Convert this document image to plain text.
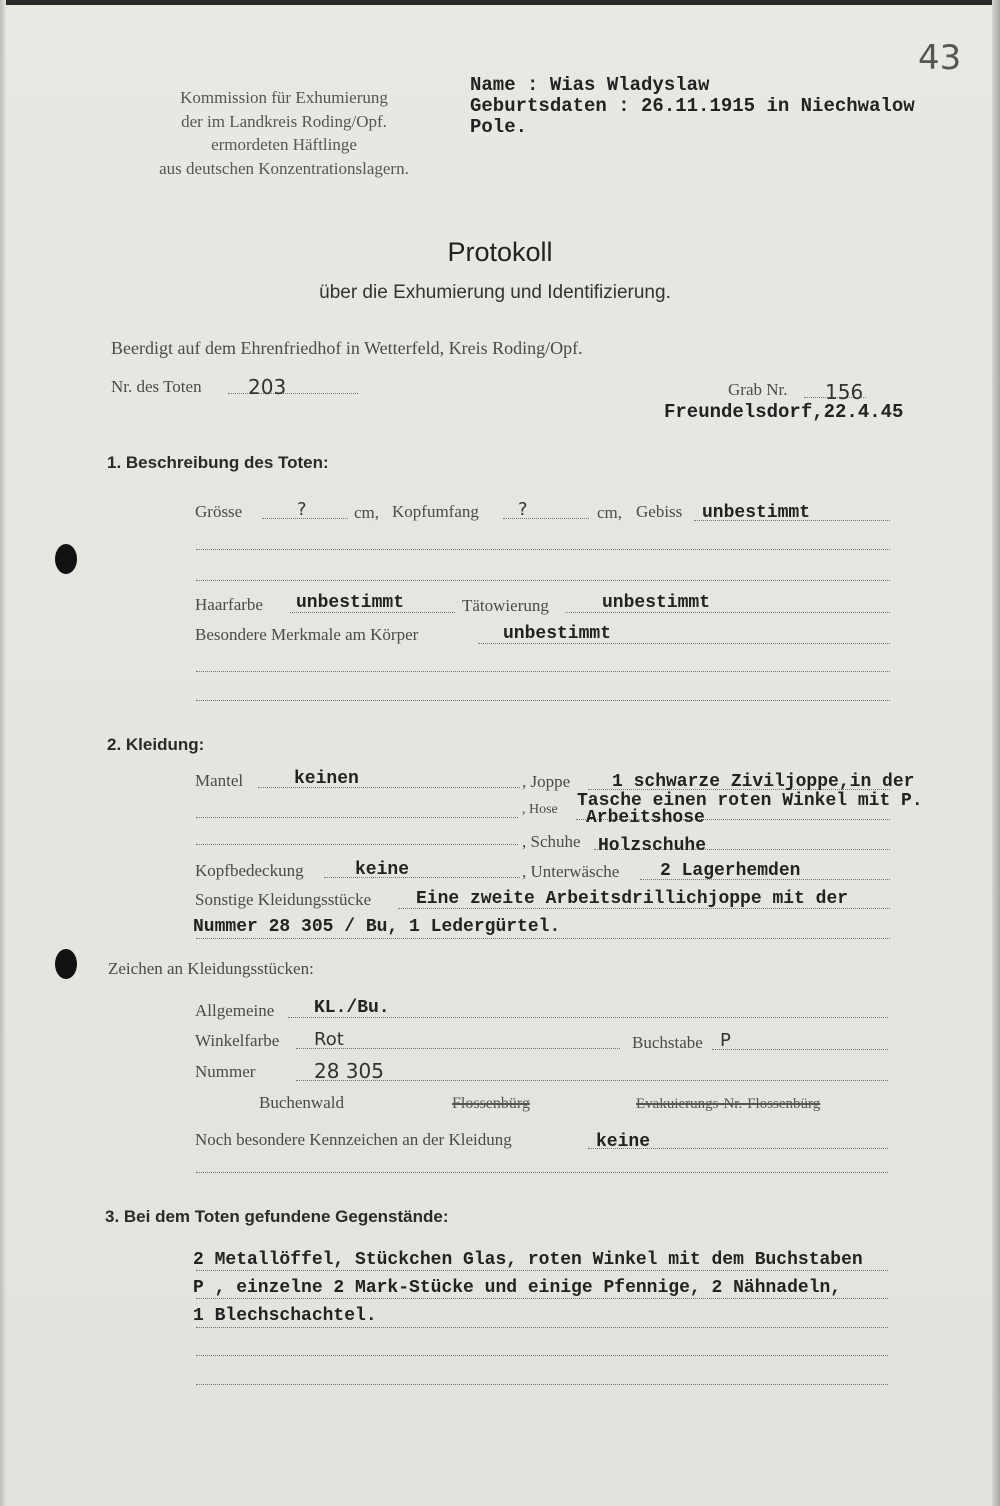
43
Kommission für Exhumierung
der im Landkreis Roding/Opf.
ermordeten Häftlinge
aus deutschen Konzentrationslagern.
Name : Wias Wladyslaw
Geburtsdaten : 26.11.1915 in Niechwalow
Pole.
Protokoll
über die Exhumierung und Identifizierung.
Beerdigt auf dem Ehrenfriedhof in Wetterfeld, Kreis Roding/Opf.
Nr. des Toten 203	Grab Nr. 156
Freundelsdorf,22.4.45
1. Beschreibung des Toten:
Grösse	?	cm, Kopfumfang ?	cm, Gebiss unbestimmt
Haarfarbe unbestimmt	Tätowierung	unbestimmt
Besondere Merkmale am Körper	unbestimmt
2. Kleidung:
Mantel	keinen	, Joppe 1 schwarze Ziviljoppe,in der
Tasche einen roten Winkel mit P.
, Hose Arbeitshose
, Schuhe Holzschuhe
Kopfbedeckung	keine	, Unterwäsche 2 Lagerhemden
Sonstige Kleidungsstücke Eine zweite Arbeitsdrillichjoppe mit der
Nummer 28 305 / Bu, 1 Ledergürtel.
Zeichen an Kleidungsstücken:
Allgemeine KL./Bu.
Winkelfarbe Rot	Buchstabe P
Nummer	28 305
Buchenwald	Flossenbürg	Evakuierungs-Nr.-Flossenbürg
Noch besondere Kennzeichen an der Kleidung	keine
3. Bei dem Toten gefundene Gegenstände:
2 Metallöffel, Stückchen Glas, roten Winkel mit dem Buchstaben
P , einzelne 2 Mark-Stücke und einige Pfennige, 2 Nähnadeln,
1 Blechschachtel.
